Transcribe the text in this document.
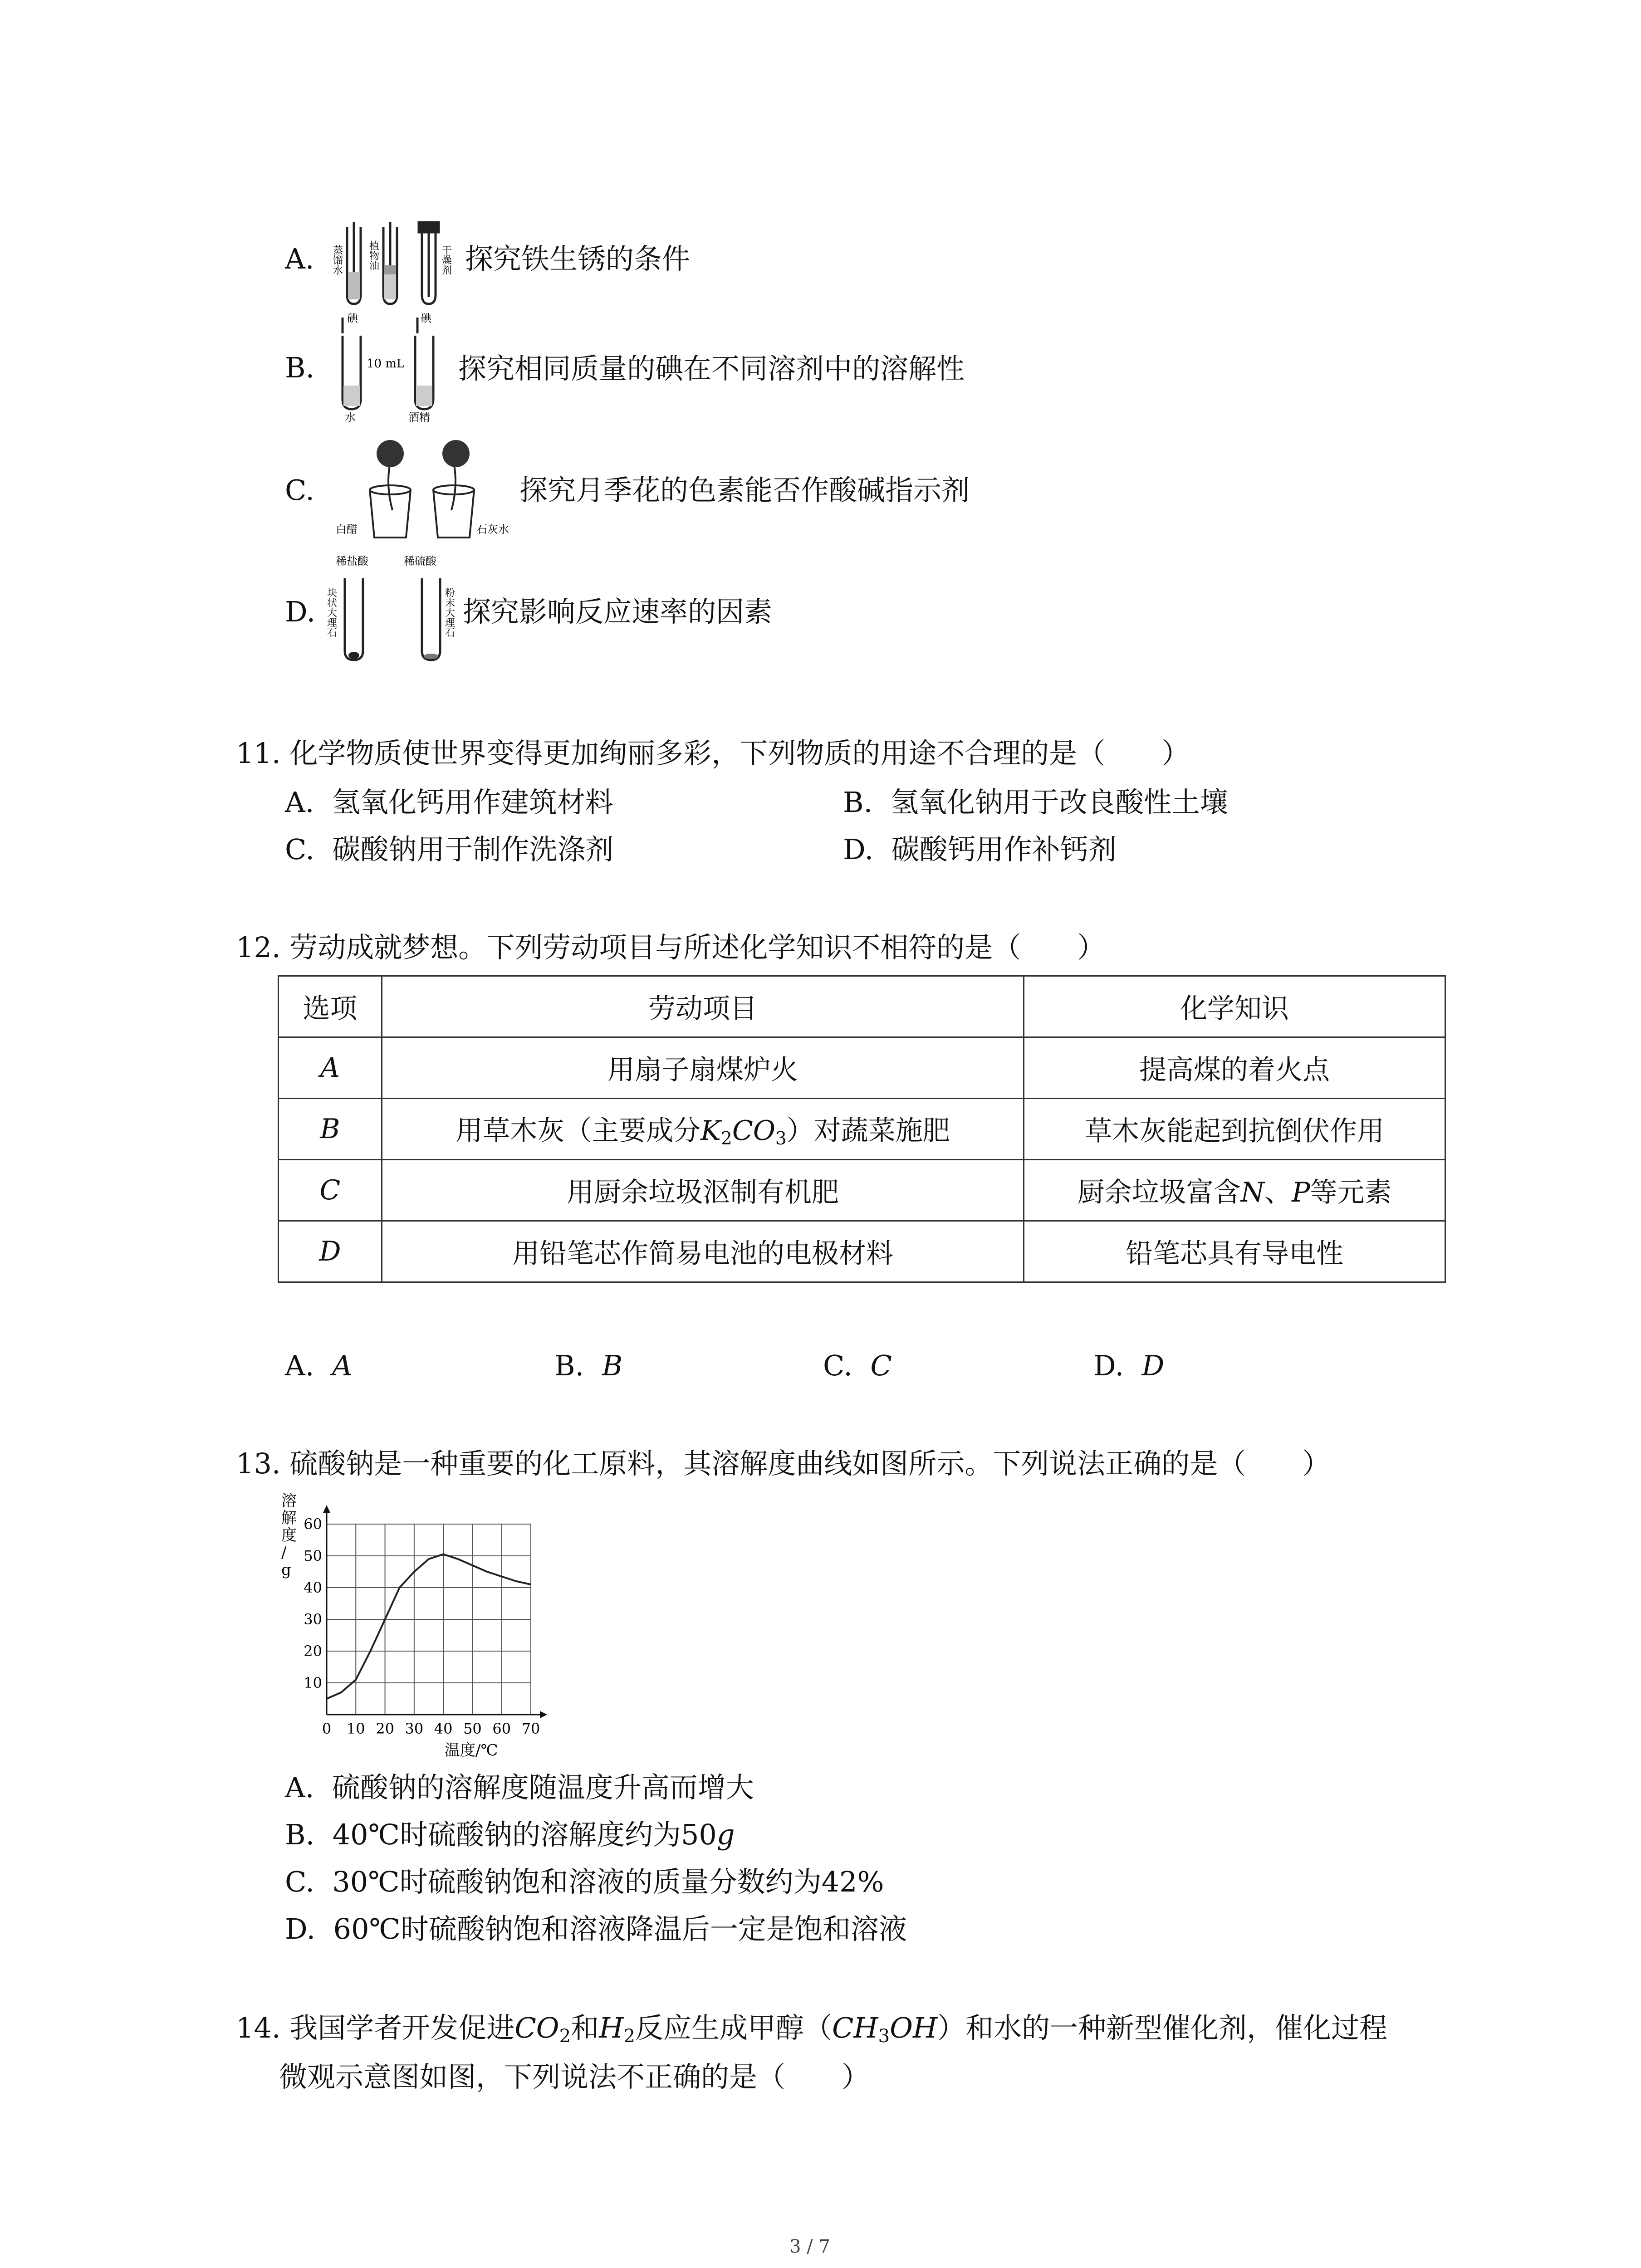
A. 蒸馏水	植物油	干燥剂 探究铁生锈的条件
B.
碘	碘
10 mL
水	酒精
探究相同质量的碘在不同溶剂中的溶解性
C.
白醋	石灰水
探究月季花的色素能否作酸碱指示剂
D.
稀盐酸	稀硫酸
块状大理石	粉末大理石 探究影响反应速率的因素
11. 化学物质使世界变得更加绚丽多彩，下列物质的用途不合理的是（　　）
A. 氢氧化钙用作建筑材料	B. 氢氧化钠用于改良酸性土壤
C. 碳酸钠用于制作洗涤剂	D. 碳酸钙用作补钙剂
12. 劳动成就梦想。下列劳动项目与所述化学知识不相符的是（　　）
选项	劳动项目	化学知识
A	用扇子扇煤炉火	提高煤的着火点
B	用草木灰（主要成分$K_2CO_3$）对蔬菜施肥	草木灰能起到抗倒伏作用
C	用厨余垃圾沤制有机肥	厨余垃圾富含N、P等元素
D	用铅笔芯作简易电池的电极材料	铅笔芯具有导电性
A. A	B. B	C. C	D. D
13. 硫酸钠是一种重要的化工原料，其溶解度曲线如图所示。下列说法正确的是（　　）
溶解度/ g
温度/℃
0 10 20 30 40 50 60 70
10
20
30
40
50
60
A. 硫酸钠的溶解度随温度升高而增大
B. 40℃时硫酸钠的溶解度约为50g
C. 30℃时硫酸钠饱和溶液的质量分数约为42%
D. 60℃时硫酸钠饱和溶液降温后一定是饱和溶液
14. 我国学者开发促进$CO_2$和$H_2$反应生成甲醇$(CH_3OH)$和水的一种新型催化剂，催化过程
微观示意图如图，下列说法不正确的是（　　）
3 / 7
